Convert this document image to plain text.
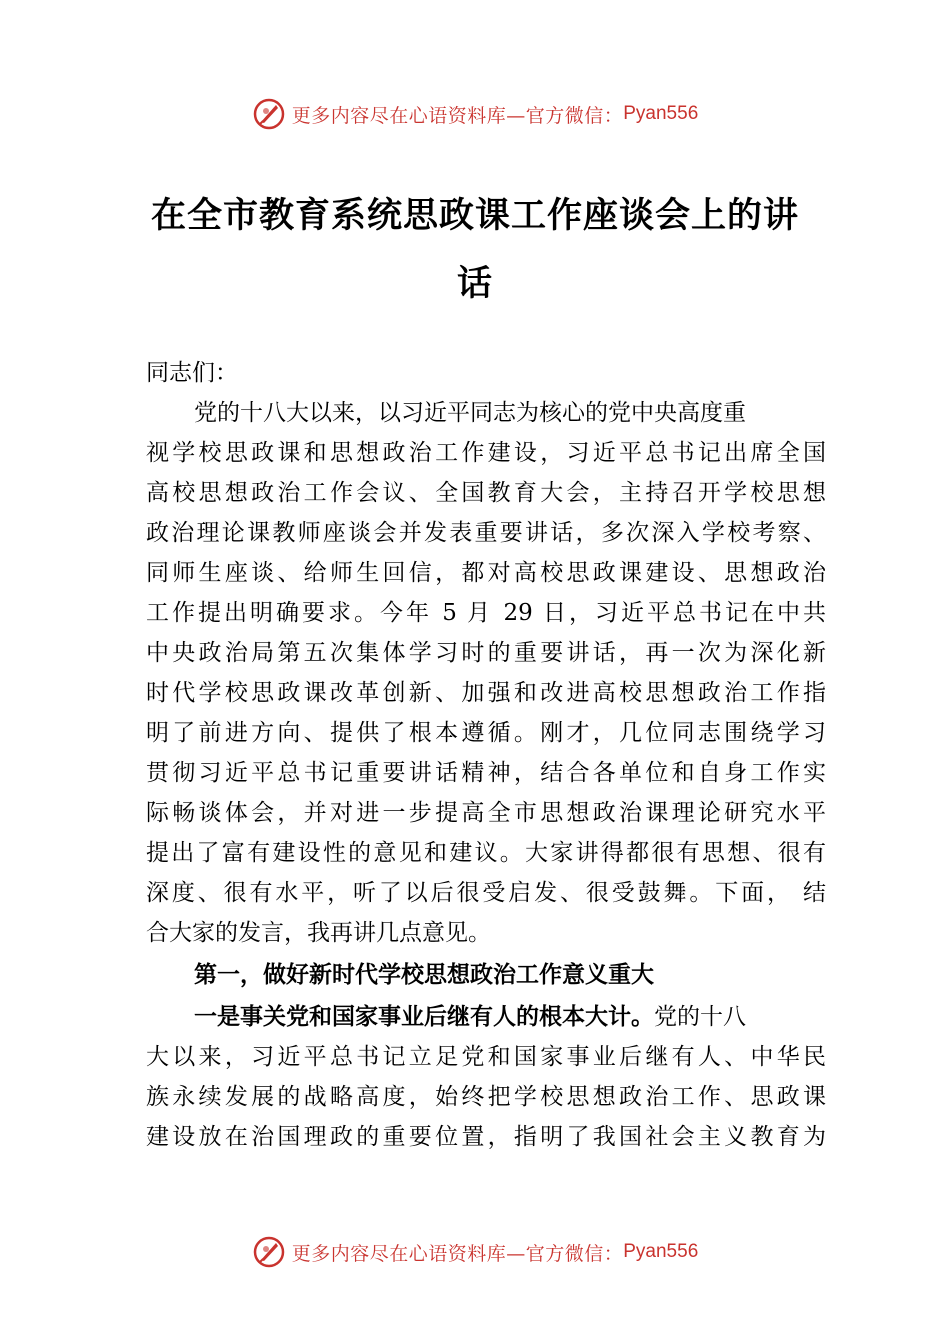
更多内容尽在心语资料库—官方微信： Pyan556
在全市教育系统思政课工作座谈会上的讲
话
同志们：
党的十八大以来，以习近平同志为核心的党中央高度重
视学校思政课和思想政治工作建设，习近平总书记出席全国
高校思想政治工作会议、全国教育大会，主持召开学校思想
政治理论课教师座谈会并发表重要讲话，多次深入学校考察、
同师生座谈、给师生回信，都对高校思政课建设、思想政治
工作提出明确要求。今年 5 月 29 日，习近平总书记在中共
中央政治局第五次集体学习时的重要讲话，再一次为深化新
时代学校思政课改革创新、加强和改进高校思想政治工作指
明了前进方向、提供了根本遵循。刚才，几位同志围绕学习
贯彻习近平总书记重要讲话精神，结合各单位和自身工作实
际畅谈体会，并对进一步提高全市思想政治课理论研究水平
提出了富有建设性的意见和建议。大家讲得都很有思想、很有
深度、很有水平，听了以后很受启发、很受鼓舞。下面， 结
合大家的发言，我再讲几点意见。
第一，做好新时代学校思想政治工作意义重大
一是事关党和国家事业后继有人的根本大计。党的十八
大以来，习近平总书记立足党和国家事业后继有人、中华民
族永续发展的战略高度，始终把学校思想政治工作、思政课
建设放在治国理政的重要位置，指明了我国社会主义教育为
更多内容尽在心语资料库—官方微信： Pyan556
